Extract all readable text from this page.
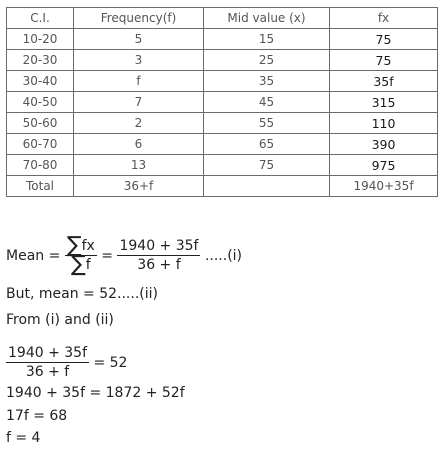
C.I.	Frequency(f)	Mid value (x)	fx
10-20	5	15	75
20-30	3	25	75
30-40	f	35	35f
40-50	7	45	315
50-60	2	55	110
60-70	6	65	390
70-80	13	75	975
Total	36+f		1940+35f
Mean = $\frac{\sum fx}{\sum f} = \frac{1940 + 35f}{36 + f} .....(i)$
But, mean = 52.....(ii)
From (i) and (ii)
$\frac{1940 + 35f}{36 + f} = 52$
1940 + 35f = 1872 + 52f
17f = 68
f = 4
